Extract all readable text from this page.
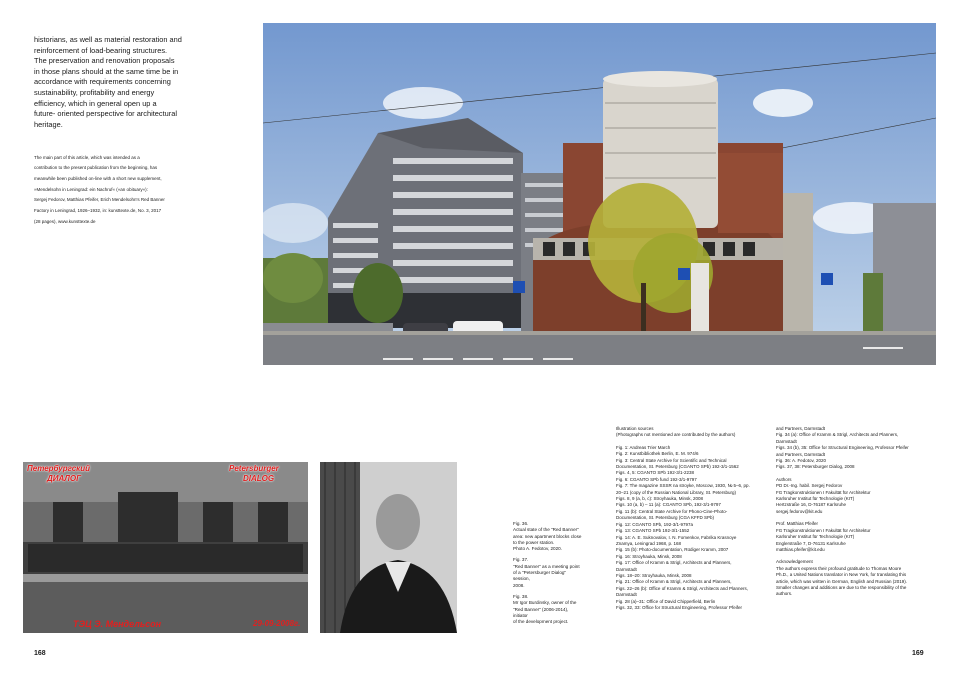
historians, as well as material restoration and

reinforcement of load-bearing structures.

The preservation and renovation proposals

in those plans should at the same time be in

accordance with requirements concerning

sustainability, profitability and energy

efficiency, which in general open up a

future- oriented perspective for architectural

heritage.

The main part of this article, which was intended as a

contribution to the present publication from the beginning, has

meanwhile been published on-line with a short new supplement,

»Mendelsohn in Leningrad: ein Nachruf« (»an obituary«):

Sergej Fedorov, Matthias Pfeifer, Erich Mendelsohn's Red Banner

Factory in Leningrad, 1926–1932, in: kunsttexte.de, No. 3, 2017

(28 pages), www.kunsttexte.de

Петербургский
ДИАЛОГ
Petersburger
DIALOG
ТЭЦ Э. Мендельсон	29-09-2008г.

Fig. 36.
Actual state of the "Red Banner"
area: new apartment blocks close
to the power station.
Photo A. Fedotov, 2020.

Fig. 37.
"Red Banner" as a meeting point
of a "Petersburger Dialog" session,
2008.

Fig. 38.
Mr Igor Burdinsky, owner of the
"Red Banner" (2006-2014), initiator
of the development project.

Illustration sources

(Photographs not mentioned are contributed by the authors)

Fig. 1: Andreas Trier March

Fig. 2: Kunstbibliothek Berlin, E. M. 974/6

Fig. 3: Central State Archive for Scientific and Technical

Documentation, St. Petersburg (CGANTO SPb) 192-3/1-1562

Figs. 4, 5: CGANTO SPb 192-3/1-2238

Fig. 6: CGANTO SPb fund 192-3/1-9797

Fig. 7: The magazine SSSR na stroyke, Moscow, 1930, № 5–6, pp.

20–21 (copy of the Russian National Library, St. Petersburg)

Figs. 8, 9 (a, b, c): Stroyhauka, Minsk, 2008

Figs. 10 (a, b) – 11 (a): CGANTO SPb, 192-3/1-9797

Fig. 11 (b): Central State Archive for Phono-Cine-Photo-

Documentation, St. Petersburg (CGA KFFD SPb)

Fig. 12: CGANTO SPb, 192-3/1-9797a

Fig. 13: CGANTO SPb 192-3/1-1552

Fig. 14: A. E. Suknovalov, I. N. Fomenkov, Fabrika Krasnoye

Znamya, Leningrad 1968, p. 168

Fig. 15 (b): Photo-documentation, Rüdiger Kramm, 2007

Fig. 16: Stroyhauka, Minsk, 2008

Fig. 17: Office of Kramm & Strigl, Architects and Planners,

Darmstadt

Figs. 18–20: Stroyhauka, Minsk, 2008

Fig. 21: Office of Kramm & Strigl, Architects and Planners,

Figs. 22–26 (b): Office of Kramm & Strigl, Architects and Planners,

Darmstadt

Fig. 28 (a)–31: Office of David Chipperfield, Berlin

Figs. 32, 33: Office for Structural Engineering, Professor Pfeifer

and Partners, Darmstadt

Fig. 34 (a): Office of Kramm & Strigl, Architects and Planners,

Darmstadt

Figs. 34 (b), 35: Office for Structural Engineering, Professor Pfeifer

and Partners, Darmstadt

Fig. 36: A. Fedotov, 2020

Figs. 37, 38: Petersburger Dialog, 2008

Authors

PD Dr.-Ing. habil. Sergej Fedorov

FG Tragkonstruktionen I Fakultät für Architektur

Karlsruher Institut für Technologie (KIT)

Hertzstraße 16, D-76187 Karlsruhe

sergej.fedorov@kit.edu

Prof. Matthias Pfeifer

FG Tragkonstruktionen I Fakultät für Architektur

Karlsruher Institut für Technologie (KIT)

Englerstraße 7, D-76131 Karlsruhe

matthias.pfeifer@kit.edu

Acknowledgement

The authors express their profound gratitude to Thomas Moore

Ph.D., a United Nations translator in New York, for translating this

article, which was written in German, English and Russian (2019).

Smaller changes and additions are due to the responsibility of the

authors.

168	169
